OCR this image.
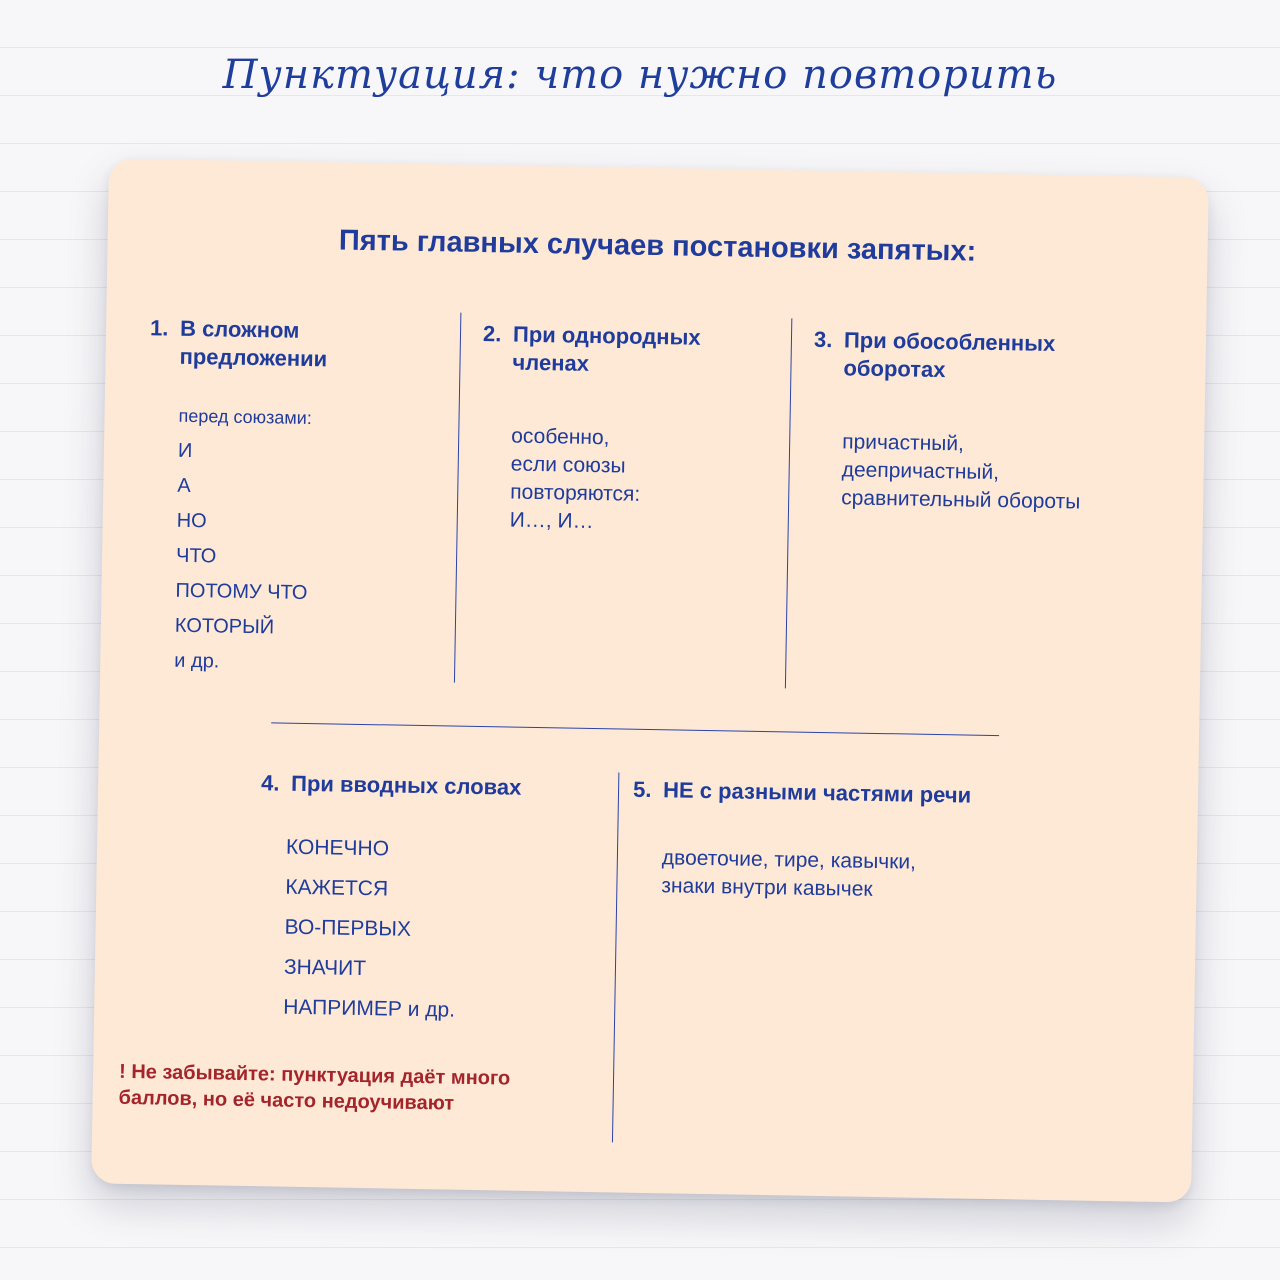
Пунктуация: что нужно повторить
Пять главных случаев постановки запятых:
1. В сложном предложении
перед союзами:
И
А
НО
ЧТО
ПОТОМУ ЧТО
КОТОРЫЙ
и др.
2. При однородных членах
особенно,
если союзы
повторяются:
И…, И…
3. При обособленных оборотах
причастный,
деепричастный,
сравнительный обороты
4. При вводных словах
КОНЕЧНО
КАЖЕТСЯ
ВО-ПЕРВЫХ
ЗНАЧИТ
НАПРИМЕР и др.
5. НЕ с разными частями речи
двоеточие, тире, кавычки,
знаки внутри кавычек
! Не забывайте: пунктуация даёт много баллов, но её часто недоучивают
